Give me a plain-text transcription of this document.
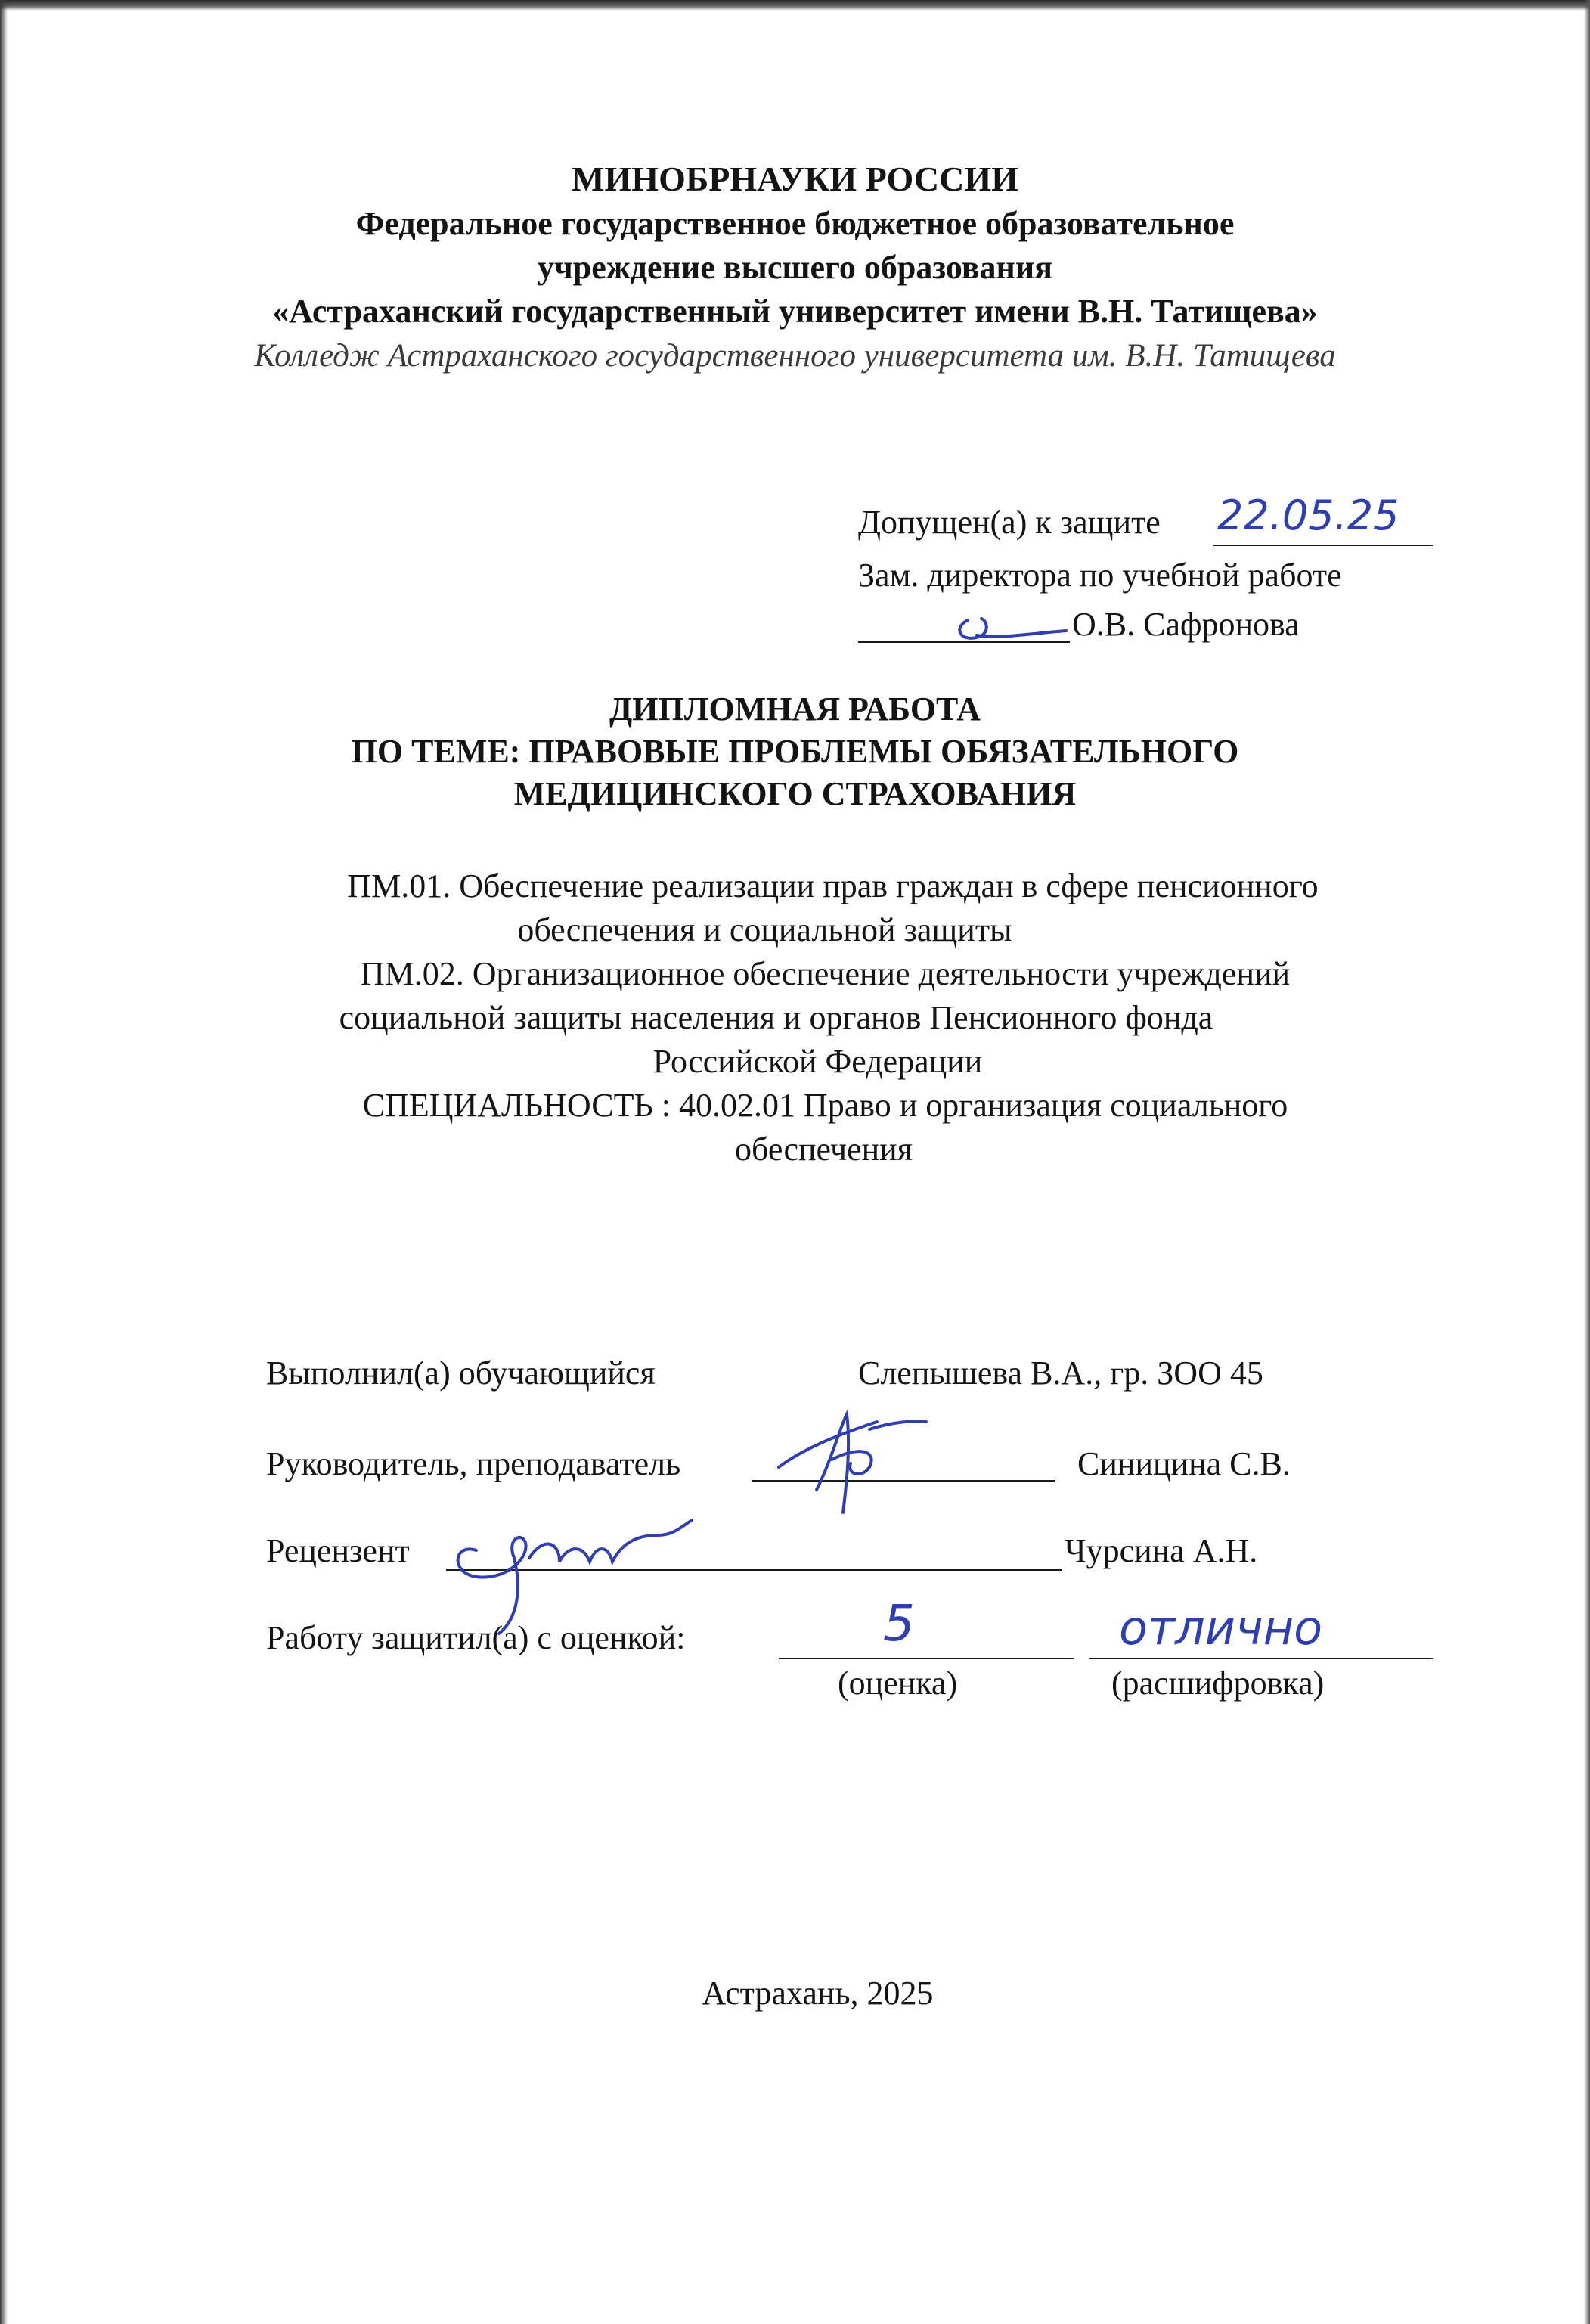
МИНОБРНАУКИ РОССИИ
Федеральное государственное бюджетное образовательное
учреждение высшего образования
«Астраханский государственный университет имени В.Н. Татищева»
Колледж Астраханского государственного университета им. В.Н. Татищева
Допущен(а) к защите 22.05.25
Зам. директора по учебной работе
О.В. Сафронова
ДИПЛОМНАЯ РАБОТА
ПО ТЕМЕ: ПРАВОВЫЕ ПРОБЛЕМЫ ОБЯЗАТЕЛЬНОГО
МЕДИЦИНСКОГО СТРАХОВАНИЯ
ПМ.01. Обеспечение реализации прав граждан в сфере пенсионного
обеспечения и социальной защиты
ПМ.02. Организационное обеспечение деятельности учреждений
социальной защиты населения и органов Пенсионного фонда
Российской Федерации
СПЕЦИАЛЬНОСТЬ : 40.02.01 Право и организация социального
обеспечения
Выполнил(а) обучающийся	Слепышева В.А., гр. ЗОО 45
Руководитель, преподаватель	Синицина С.В.
Рецензент	Чурсина А.Н.
Работу защитил(а) с оценкой:	5	отлично
(оценка)	(расшифровка)
Астрахань, 2025
